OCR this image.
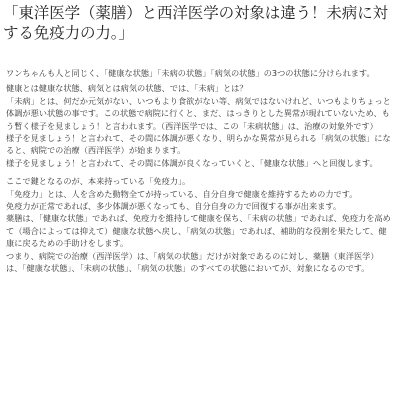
「東洋医学（薬膳）と西洋医学の対象は違う！未病に対する免疫力の力。」

ワンちゃんも人と同じく、「健康な状態」「未病の状態」「病気の状態」の3つの状態に分けられます。

健康とは健康な状態、病気とは病気の状態、では、「未病」とは？

「未病」とは、何だか元気がない、いつもより食欲がない等、病気ではないけれど、いつもよりちょっと体調が悪い状態の事です。この状態で病院に行くと、まだ、はっきりとした異常が現れていないため、もう暫く様子を見ましょう！と言われます。（西洋医学では、この「未病状態」は、治療の対象外です）

様子を見ましょう！と言われて、その間に体調が悪くなり、明らかな異常が見られる「病気の状態」になると、病院での治療（西洋医学）が始まります。

様子を見ましょう！と言われて、その間に体調が良くなっていくと、「健康な状態」へと回復します。

ここで鍵となるのが、本来持っている「免疫力」。

「免疫力」とは、人を含めた動物全てが持っている、自分自身で健康を維持するための力です。

免疫力が正常であれば、多少体調が悪くなっても、自分自身の力で回復する事が出来ます。

薬膳は、「健康な状態」であれば、免疫力を維持して健康を保ち、「未病の状態」であれば、免疫力を高めて（場合によっては抑えて）健康な状態へ戻し、「病気の状態」であれば、補助的な役割を果たして、健康に戻るための手助けをします。

つまり、病院での治療（西洋医学）は、「病気の状態」だけが対象であるのに対し、薬膳（東洋医学）は、「健康な状態」、「未病の状態」、「病気の状態」のすべての状態においてが、対象になるのです。
